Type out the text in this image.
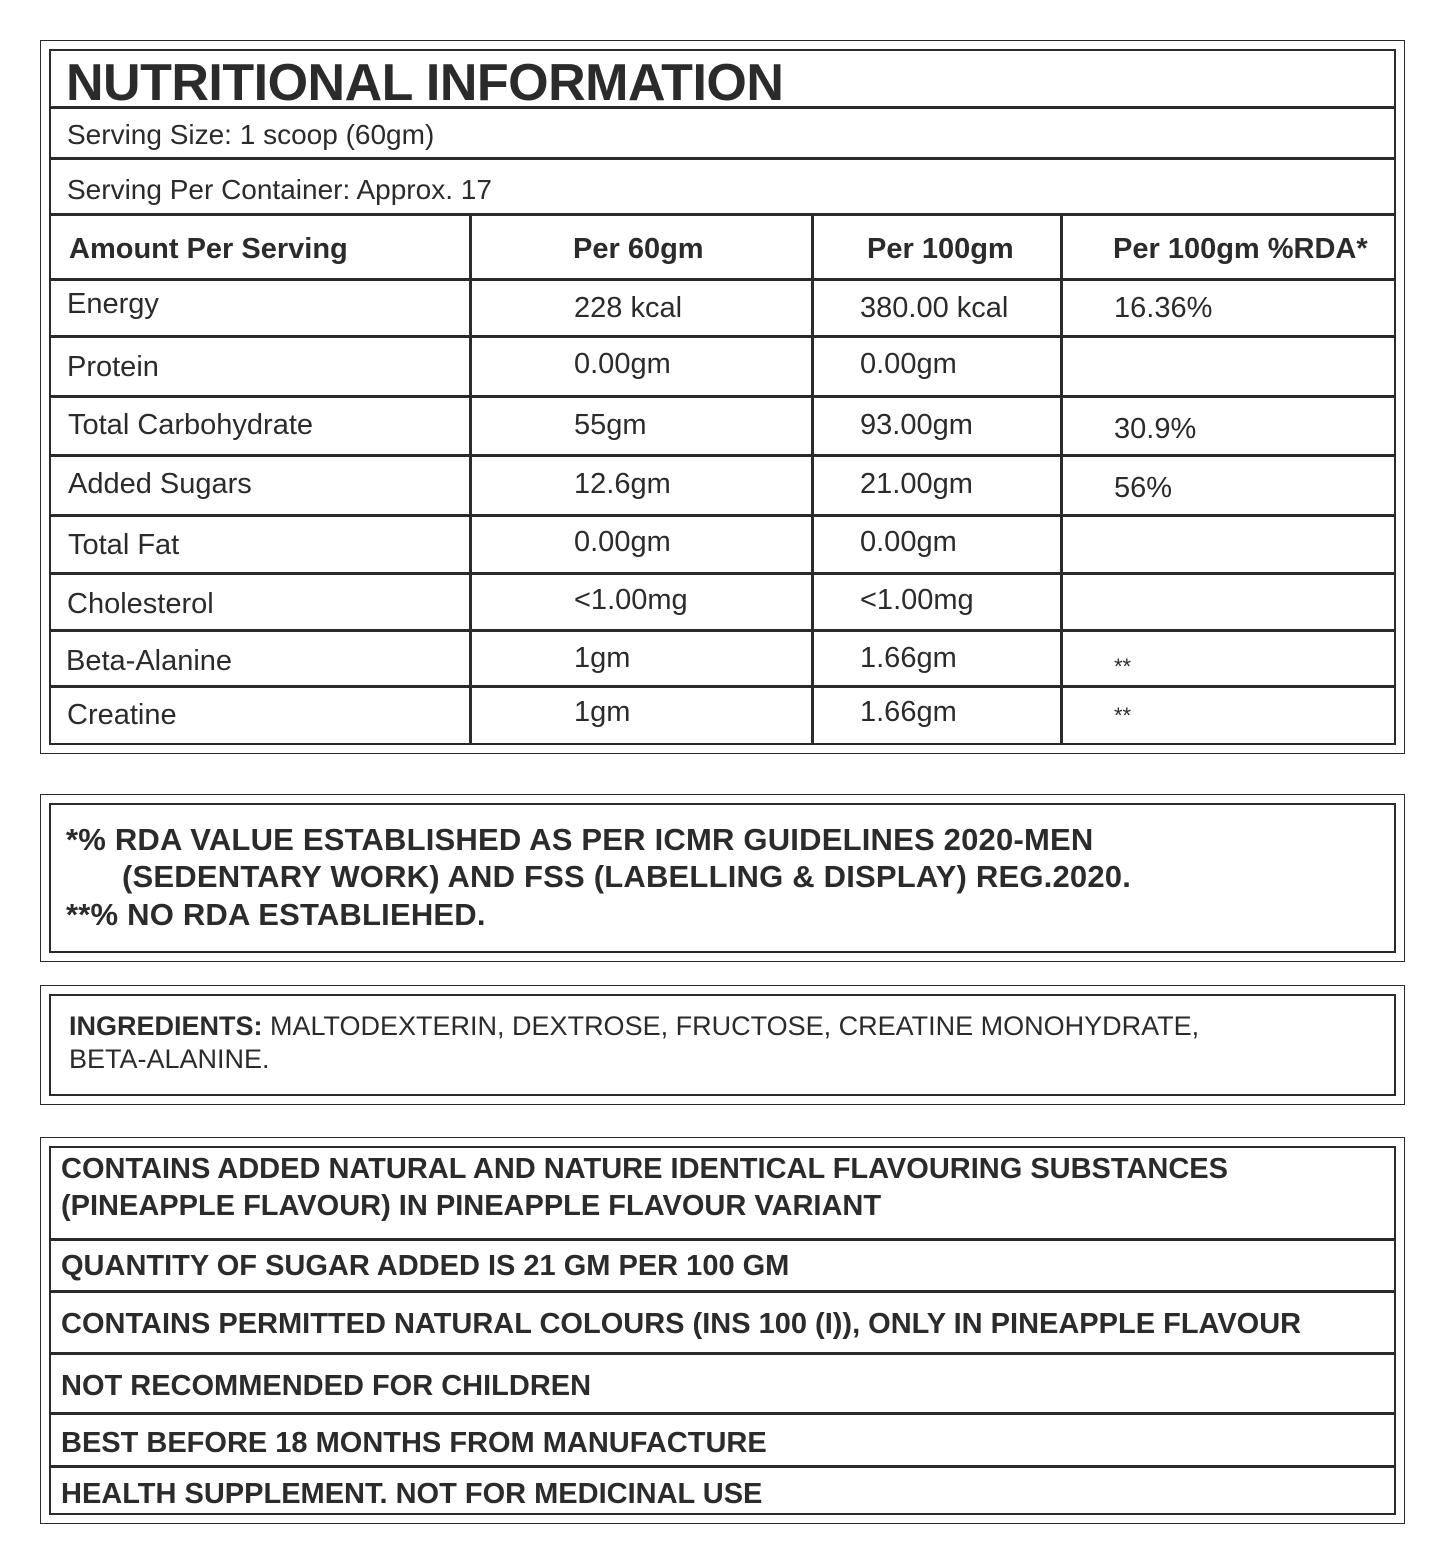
NUTRITIONAL INFORMATION
Serving Size: 1 scoop (60gm)
Serving Per Container: Approx. 17
Amount Per Serving	Per 60gm	Per 100gm	Per 100gm %RDA*
Energy	228 kcal	380.00 kcal	16.36%
Protein	0.00gm	0.00gm
Total Carbohydrate	55gm	93.00gm	30.9%
Added Sugars	12.6gm	21.00gm	56%
Total Fat	0.00gm	0.00gm
Cholesterol	<1.00mg	<1.00mg
Beta-Alanine	1gm	1.66gm	**
Creatine	1gm	1.66gm	**
*% RDA VALUE ESTABLISHED AS PER ICMR GUIDELINES 2020-MEN
(SEDENTARY WORK) AND FSS (LABELLING & DISPLAY) REG.2020.
**% NO RDA ESTABLIEHED.
INGREDIENTS: MALTODEXTERIN, DEXTROSE, FRUCTOSE, CREATINE MONOHYDRATE,
BETA-ALANINE.
CONTAINS ADDED NATURAL AND NATURE IDENTICAL FLAVOURING SUBSTANCES
(PINEAPPLE FLAVOUR) IN PINEAPPLE FLAVOUR VARIANT
QUANTITY OF SUGAR ADDED IS 21 GM PER 100 GM
CONTAINS PERMITTED NATURAL COLOURS (INS 100 (I)), ONLY IN PINEAPPLE FLAVOUR
NOT RECOMMENDED FOR CHILDREN
BEST BEFORE 18 MONTHS FROM MANUFACTURE
HEALTH SUPPLEMENT. NOT FOR MEDICINAL USE
